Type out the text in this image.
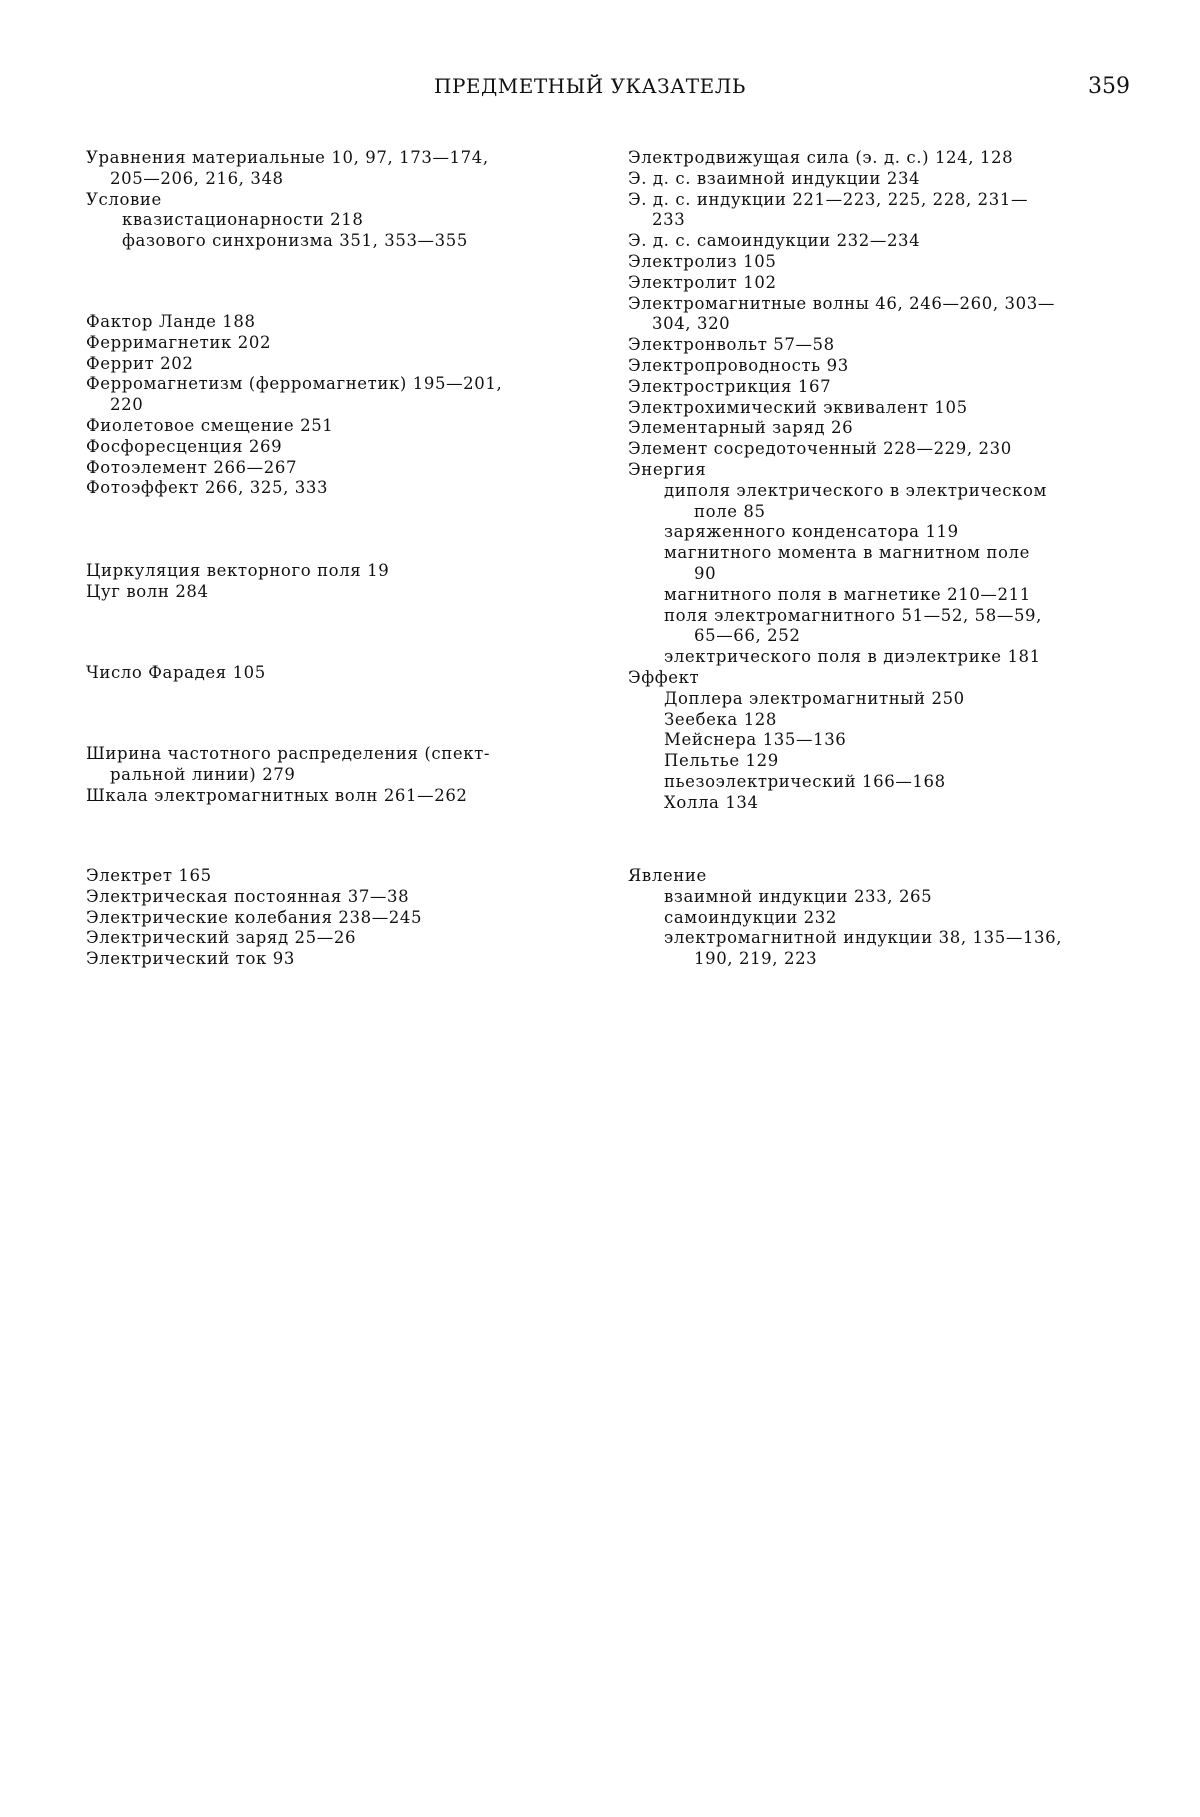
ПРЕДМЕТНЫЙ УКАЗАТЕЛЬ	359
Уравнения материальные 10, 97, 173—174,
205—206, 216, 348
Условие
квазистационарности 218
фазового синхронизма 351, 353—355
Фактор Ланде 188
Ферримагнетик 202
Феррит 202
Ферромагнетизм (ферромагнетик) 195—201,
220
Фиолетовое смещение 251
Фосфоресценция 269
Фотоэлемент 266—267
Фотоэффект 266, 325, 333
Циркуляция векторного поля 19
Цуг волн 284
Число Фарадея 105
Ширина частотного распределения (спект-
ральной линии) 279
Шкала электромагнитных волн 261—262
Электрет 165
Электрическая постоянная 37—38
Электрические колебания 238—245
Электрический заряд 25—26
Электрический ток 93
Электродвижущая сила (э. д. с.) 124, 128
Э. д. с. взаимной индукции 234
Э. д. с. индукции 221—223, 225, 228, 231—
233
Э. д. с. самоиндукции 232—234
Электролиз 105
Электролит 102
Электромагнитные волны 46, 246—260, 303—
304, 320
Электронвольт 57—58
Электропроводность 93
Электрострикция 167
Электрохимический эквивалент 105
Элементарный заряд 26
Элемент сосредоточенный 228—229, 230
Энергия
диполя электрического в электрическом
поле 85
заряженного конденсатора 119
магнитного момента в магнитном поле
90
магнитного поля в магнетике 210—211
поля электромагнитного 51—52, 58—59,
65—66, 252
электрического поля в диэлектрике 181
Эффект
Доплера электромагнитный 250
Зеебека 128
Мейснера 135—136
Пельтье 129
пьезоэлектрический 166—168
Холла 134
Явление
взаимной индукции 233, 265
самоиндукции 232
электромагнитной индукции 38, 135—136,
190, 219, 223
